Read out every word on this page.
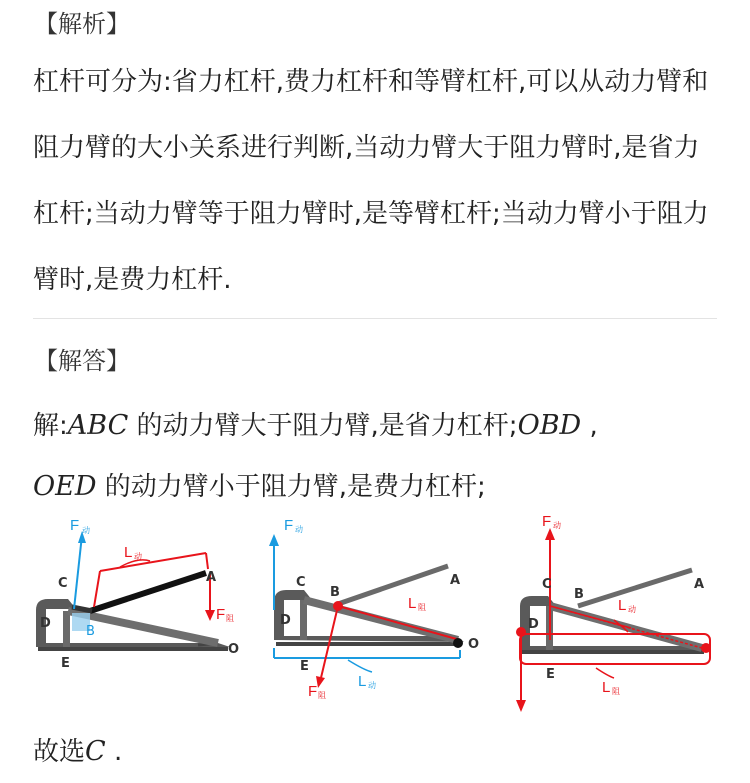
【解析】
杠杆可分为:省力杠杆,费力杠杆和等臂杠杆,可以从动力臂和阻力臂的大小关系进行判断,当动力臂大于阻力臂时,是省力杠杆;当动力臂等于阻力臂时,是等臂杠杆;当动力臂小于阻力臂时,是费力杠杆.
【解答】
解:ABC 的动力臂大于阻力臂,是省力杠杆;OBD ,
OED 的动力臂小于阻力臂,是费力杠杆;
F 动
L 动
F 阻
C	A
D
B
E
O
F 动
L 阻
L 动
F 阻
C
B
A
D
E
O
F 动
L 动
L 阻
C
B
A
D
E
故选C .
